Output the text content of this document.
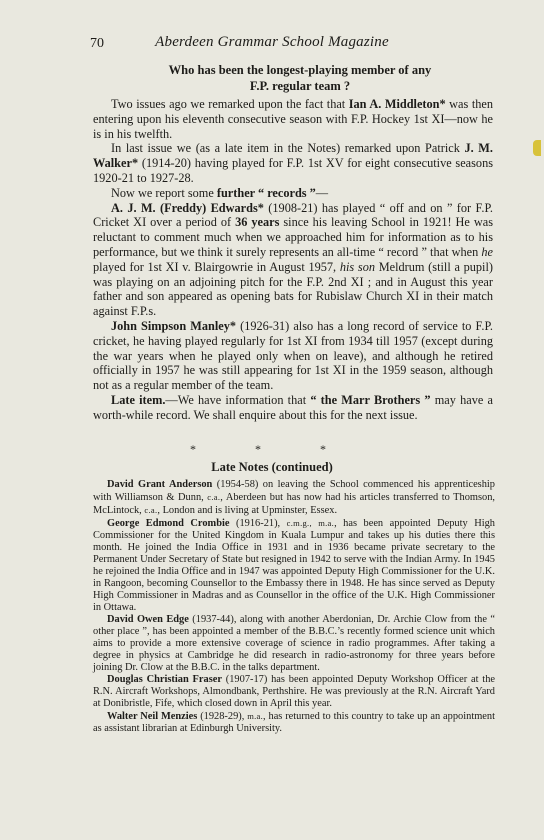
70	Aberdeen Grammar School Magazine
Who has been the longest-playing member of any
F.P. regular team ?

Two issues ago we remarked upon the fact that Ian A. Middleton* was then entering upon his eleventh consecutive season with F.P. Hockey 1st XI—now he is in his twelfth.

In last issue we (as a late item in the Notes) remarked upon Patrick J. M. Walker* (1914-20) having played for F.P. 1st XV for eight consecutive seasons 1920-21 to 1927-28.

Now we report some further “ records ”—

A. J. M. (Freddy) Edwards* (1908-21) has played “ off and on ” for F.P. Cricket XI over a period of 36 years since his leaving School in 1921! He was reluctant to comment much when we approached him for information as to his performance, but we think it surely represents an all-time “ record ” that when he played for 1st XI v. Blairgowrie in August 1957, his son Meldrum (still a pupil) was playing on an adjoining pitch for the F.P. 2nd XI ; and in August this year father and son appeared as opening bats for Rubislaw Church XI in their match against F.P.s.

John Simpson Manley* (1926-31) also has a long record of service to F.P. cricket, he having played regularly for 1st XI from 1934 till 1957 (except during the war years when he played only when on leave), and although he retired officially in 1957 he was still appearing for 1st XI in the 1959 season, although not as a regular member of the team.

Late item.—We have information that “ the Marr Brothers ” may have a worth-while record. We shall enquire about this for the next issue.

* * *
Late Notes (continued)

David Grant Anderson (1954-58) on leaving the School commenced his apprenticeship with Williamson & Dunn, c.a., Aberdeen but has now had his articles transferred to Thomson, McLintock, c.a., London and is living at Upminster, Essex.

George Edmond Crombie (1916-21), c.m.g., m.a., has been appointed Deputy High Commissioner for the United Kingdom in Kuala Lumpur and takes up his duties there this month. He joined the India Office in 1931 and in 1936 became private secretary to the Permanent Under Secretary of State but resigned in 1942 to serve with the Indian Army. In 1945 he rejoined the India Office and in 1947 was appointed Deputy High Commissioner for the U.K. in Rangoon, becoming Counsellor to the Embassy there in 1948. He has since served as Deputy High Commissioner in Madras and as Counsellor in the office of the U.K. High Commissioner in Ottawa.

David Owen Edge (1937-44), along with another Aberdonian, Dr. Archie Clow from the “ other place ”, has been appointed a member of the B.B.C.’s recently formed science unit which aims to provide a more extensive coverage of science in radio programmes. After taking a degree in physics at Cambridge he did research in radio-astronomy for three years before joining Dr. Clow at the B.B.C. in the talks department.

Douglas Christian Fraser (1907-17) has been appointed Deputy Workshop Officer at the R.N. Aircraft Workshops, Almondbank, Perthshire. He was previously at the R.N. Aircraft Yard at Donibristle, Fife, which closed down in April this year.

Walter Neil Menzies (1928-29), m.a., has returned to this country to take up an appointment as assistant librarian at Edinburgh University.
